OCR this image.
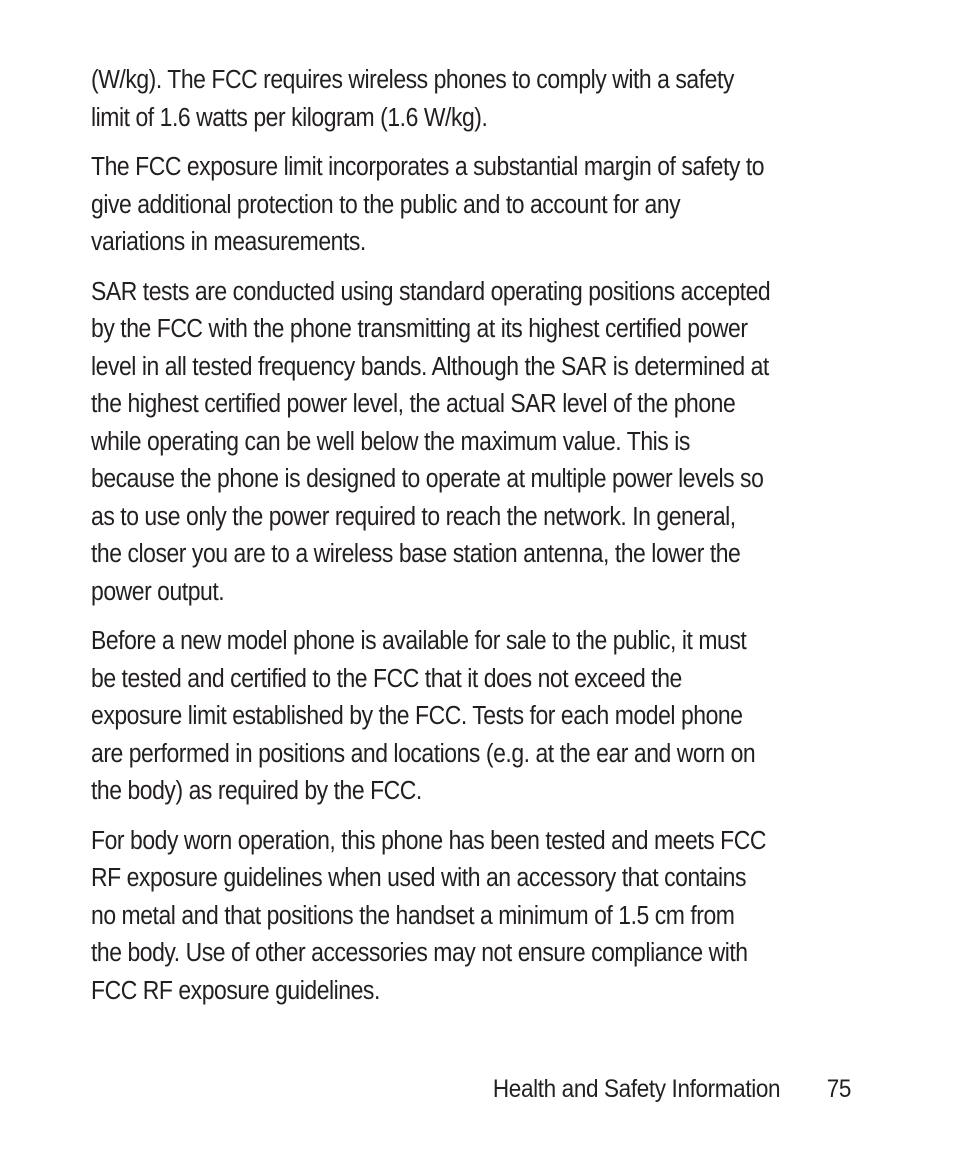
(W/kg). The FCC requires wireless phones to comply with a safety
limit of 1.6 watts per kilogram (1.6 W/kg).

The FCC exposure limit incorporates a substantial margin of safety to
give additional protection to the public and to account for any
variations in measurements.

SAR tests are conducted using standard operating positions accepted
by the FCC with the phone transmitting at its highest certified power
level in all tested frequency bands. Although the SAR is determined at
the highest certified power level, the actual SAR level of the phone
while operating can be well below the maximum value. This is
because the phone is designed to operate at multiple power levels so
as to use only the power required to reach the network. In general,
the closer you are to a wireless base station antenna, the lower the
power output.

Before a new model phone is available for sale to the public, it must
be tested and certified to the FCC that it does not exceed the
exposure limit established by the FCC. Tests for each model phone
are performed in positions and locations (e.g. at the ear and worn on
the body) as required by the FCC.

For body worn operation, this phone has been tested and meets FCC
RF exposure guidelines when used with an accessory that contains
no metal and that positions the handset a minimum of 1.5 cm from
the body. Use of other accessories may not ensure compliance with
FCC RF exposure guidelines.

Health and Safety Information 75
